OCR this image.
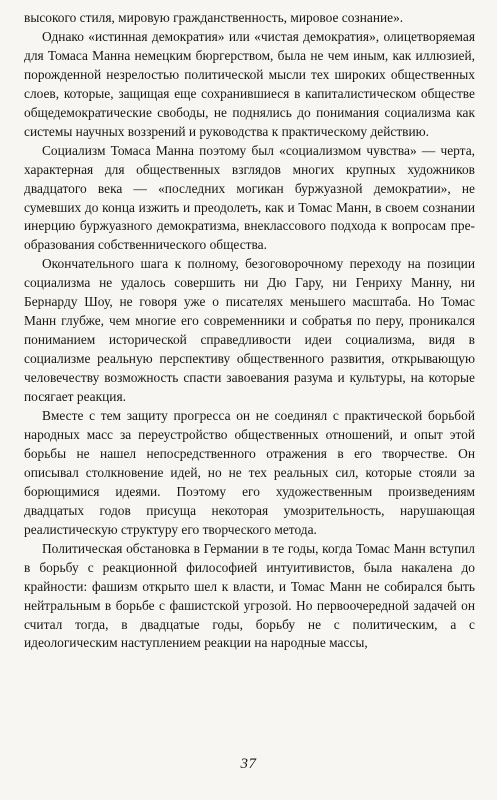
высокого стиля, мировую гражданственность, мировое сознание».

Однако «истинная демократия» или «чистая демократия», олицетворяемая для Томаса Манна немецким бюргерством, была не чем иным, как иллюзией, порожденной незрелостью политической мысли тех широких общественных слоев, которые, защищая еще сохранившиеся в капиталистическом обществе общедемократические свободы, не поднялись до понимания социализма как системы научных воззрений и руководства к практическому действию.

Социализм Томаса Манна поэтому был «социализмом чувства» — черта, характерная для общественных взглядов многих крупных художников двадцатого века — «последних могикан буржуазной демократии», не сумевших до конца изжить и преодолеть, как и Томас Манн, в своем сознании инерцию буржуазного демократизма, внеклассового подхода к вопросам преобразования собственнического общества.

Окончательного шага к полному, безоговорочному переходу на позиции социализма не удалось совершить ни Дю Гару, ни Генриху Манну, ни Бернарду Шоу, не говоря уже о писателях меньшего масштаба. Но Томас Манн глубже, чем многие его современники и собратья по перу, проникался пониманием исторической справедливости идеи социализма, видя в социализме реальную перспективу общественного развития, открывающую человечеству возможность спасти завоевания разума и культуры, на которые посягает реакция.

Вместе с тем защиту прогресса он не соединял с практической борьбой народных масс за переустройство общественных отношений, и опыт этой борьбы не нашел непосредственного отражения в его творчестве. Он описывал столкновение идей, но не тех реальных сил, которые стояли за борющимися идеями. Поэтому его художественным произведениям двадцатых годов присуща некоторая умозрительность, нарушающая реалистическую структуру его творческого метода.

Политическая обстановка в Германии в те годы, когда Томас Манн вступил в борьбу с реакционной философией интуитивистов, была накалена до крайности: фашизм открыто шел к власти, и Томас Манн не собирался быть нейтральным в борьбе с фашистской угрозой. Но первоочередной задачей он считал тогда, в двадцатые годы, борьбу не с политическим, а с идеологическим наступлением реакции на народные массы,

37
